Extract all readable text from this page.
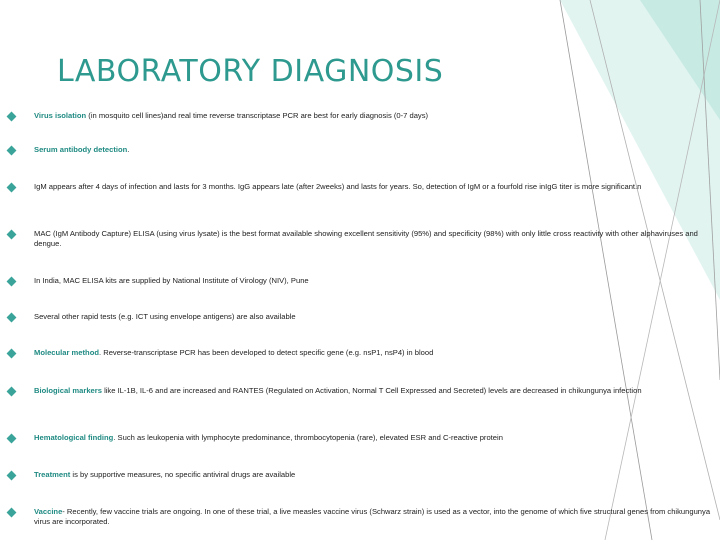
LABORATORY DIAGNOSIS
Virus isolation (in mosquito cell lines)and real time reverse transcriptase PCR are best for early diagnosis (0-7 days)
Serum antibody detection.
IgM appears after 4 days of infection and lasts for 3 months. IgG appears late (after 2weeks) and lasts for years. So, detection of IgM or a fourfold rise inIgG titer is more significant.n
MAC (IgM Antibody Capture) ELISA (using virus lysate) is the best format available showing excellent sensitivity (95%) and specificity (98%) with only little cross reactivity with other alphaviruses and dengue.
In India, MAC ELISA kits are supplied by National Institute of Virology (NIV), Pune
Several other rapid tests (e.g. ICT using envelope antigens) are also available
Molecular method. Reverse-transcriptase PCR has been developed to detect specific gene (e.g. nsP1, nsP4) in blood
Biological markers like IL-1B, IL-6 and are increased and RANTES (Regulated on Activation, Normal T Cell Expressed and Secreted) levels are decreased in chikungunya infection
Hematological finding. Such as leukopenia with lymphocyte predominance, thrombocytopenia (rare), elevated ESR and C-reactive protein
Treatment is by supportive measures, no specific antiviral drugs are available
Vaccine- Recently, few vaccine trials are ongoing. In one of these trial, a live measles vaccine virus (Schwarz strain) is used as a vector, into the genome of which five structural genes from chikungunya virus are incorporated.
